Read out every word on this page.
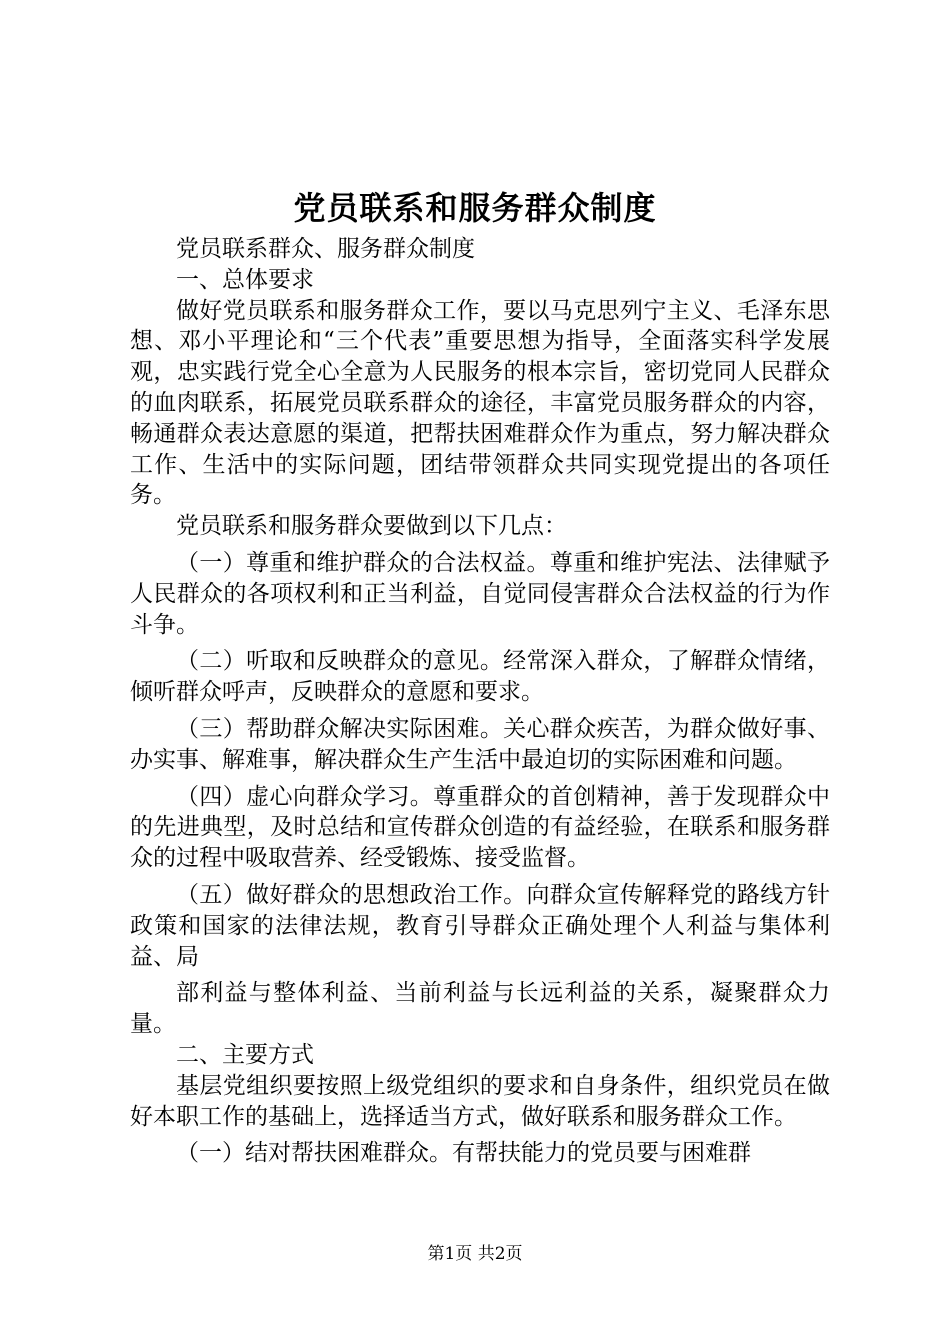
党员联系和服务群众制度

党员联系群众、服务群众制度

一、总体要求

做好党员联系和服务群众工作，要以马克思列宁主义、毛泽东思想、邓小平理论和“三个代表”重要思想为指导，全面落实科学发展观，忠实践行党全心全意为人民服务的根本宗旨，密切党同人民群众的血肉联系，拓展党员联系群众的途径，丰富党员服务群众的内容，畅通群众表达意愿的渠道，把帮扶困难群众作为重点，努力解决群众工作、生活中的实际问题，团结带领群众共同实现党提出的各项任务。

党员联系和服务群众要做到以下几点：

（一）尊重和维护群众的合法权益。尊重和维护宪法、法律赋予人民群众的各项权利和正当利益，自觉同侵害群众合法权益的行为作斗争。

（二）听取和反映群众的意见。经常深入群众，了解群众情绪，倾听群众呼声，反映群众的意愿和要求。

（三）帮助群众解决实际困难。关心群众疾苦，为群众做好事、办实事、解难事，解决群众生产生活中最迫切的实际困难和问题。

（四）虚心向群众学习。尊重群众的首创精神，善于发现群众中的先进典型，及时总结和宣传群众创造的有益经验，在联系和服务群众的过程中吸取营养、经受锻炼、接受监督。

（五）做好群众的思想政治工作。向群众宣传解释党的路线方针政策和国家的法律法规，教育引导群众正确处理个人利益与集体利益、局

部利益与整体利益、当前利益与长远利益的关系，凝聚群众力量。

二、主要方式

基层党组织要按照上级党组织的要求和自身条件，组织党员在做好本职工作的基础上，选择适当方式，做好联系和服务群众工作。

（一）结对帮扶困难群众。有帮扶能力的党员要与困难群

第1页 共2页
